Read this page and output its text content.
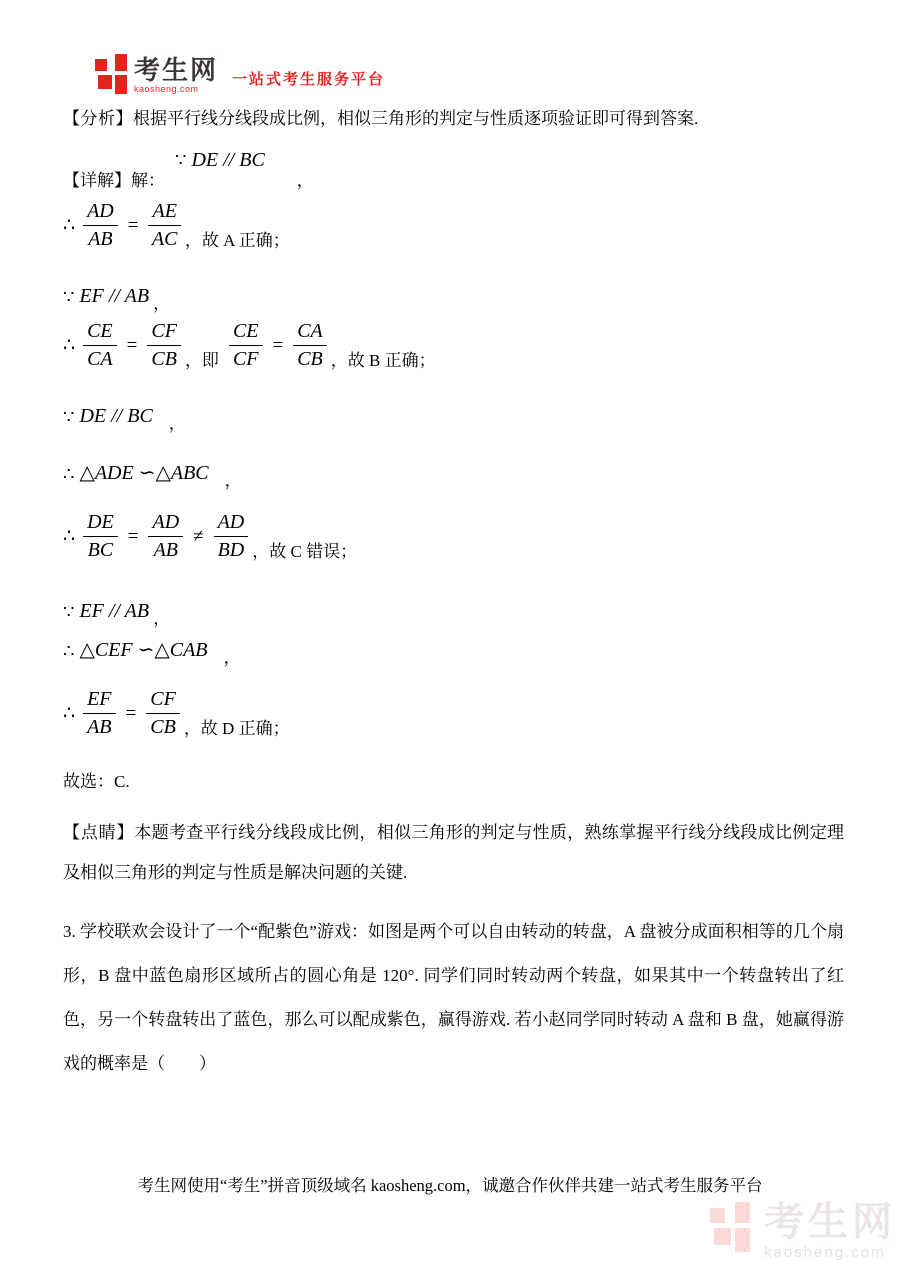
考生网
kaosheng.com
一站式考生服务平台

【分析】根据平行线分线段成比例，相似三角形的判定与性质逐项验证即可得到答案.

【详解】 解：
∵ DE // BC
，
∴ $\frac{AD}{AB} = \frac{AE}{AC}$ ，故 A 正确；
∵ EF // AB ，
∴ $\frac{CE}{CA} = \frac{CF}{CB}$ ，即 $\frac{CE}{CF} = \frac{CA}{CB}$ ，故 B 正确；
∵ DE // BC ，
∴ △ADE ∽△ABC ，
∴ $\frac{DE}{BC} = \frac{AD}{AB} \ne \frac{AD}{BD}$ ，故 C 错误；
∵ EF // AB ，
∴ △CEF ∽△CAB ，
∴ $\frac{EF}{AB} = \frac{CF}{CB}$ ，故 D 正确；

故选：C.

【点睛】本题考查平行线分线段成比例，相似三角形的判定与性质，熟练掌握平行线分线段成比例定理及相似三角形的判定与性质是解决问题的关键.

3. 学校联欢会设计了一个“配紫色”游戏：如图是两个可以自由转动的转盘，A 盘被分成面积相等的几个扇形，B 盘中蓝色扇形区域所占的圆心角是 120°. 同学们同时转动两个转盘，如果其中一个转盘转出了红色，另一个转盘转出了蓝色，那么可以配成紫色，赢得游戏. 若小赵同学同时转动 A 盘和 B 盘，她赢得游戏的概率是（　　）

考生网使用“考生”拼音顶级域名 kaosheng.com，诚邀合作伙伴共建一站式考生服务平台
考生网
kaosheng.com
